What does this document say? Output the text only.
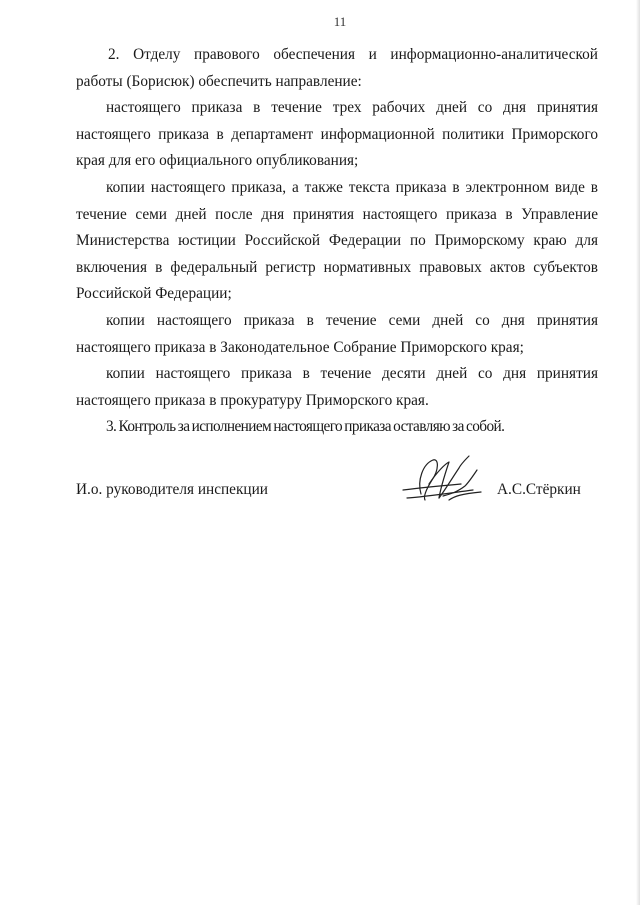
11

2. Отделу правового обеспечения и информационно-аналитической работы (Борисюк) обеспечить направление:

настоящего приказа в течение трех рабочих дней со дня принятия настоящего приказа в департамент информационной политики Приморского края для его официального опубликования;

копии настоящего приказа, а также текста приказа в электронном виде в течение семи дней после дня принятия настоящего приказа в Управление Министерства юстиции Российской Федерации по Приморскому краю для включения в федеральный регистр нормативных правовых актов субъектов Российской Федерации;

копии настоящего приказа в течение семи дней со дня принятия настоящего приказа в Законодательное Собрание Приморского края;

копии настоящего приказа в течение десяти дней со дня принятия настоящего приказа в прокуратуру Приморского края.

3. Контроль за исполнением настоящего приказа оставляю за собой.

И.о. руководителя инспекции	А.С.Стёркин
